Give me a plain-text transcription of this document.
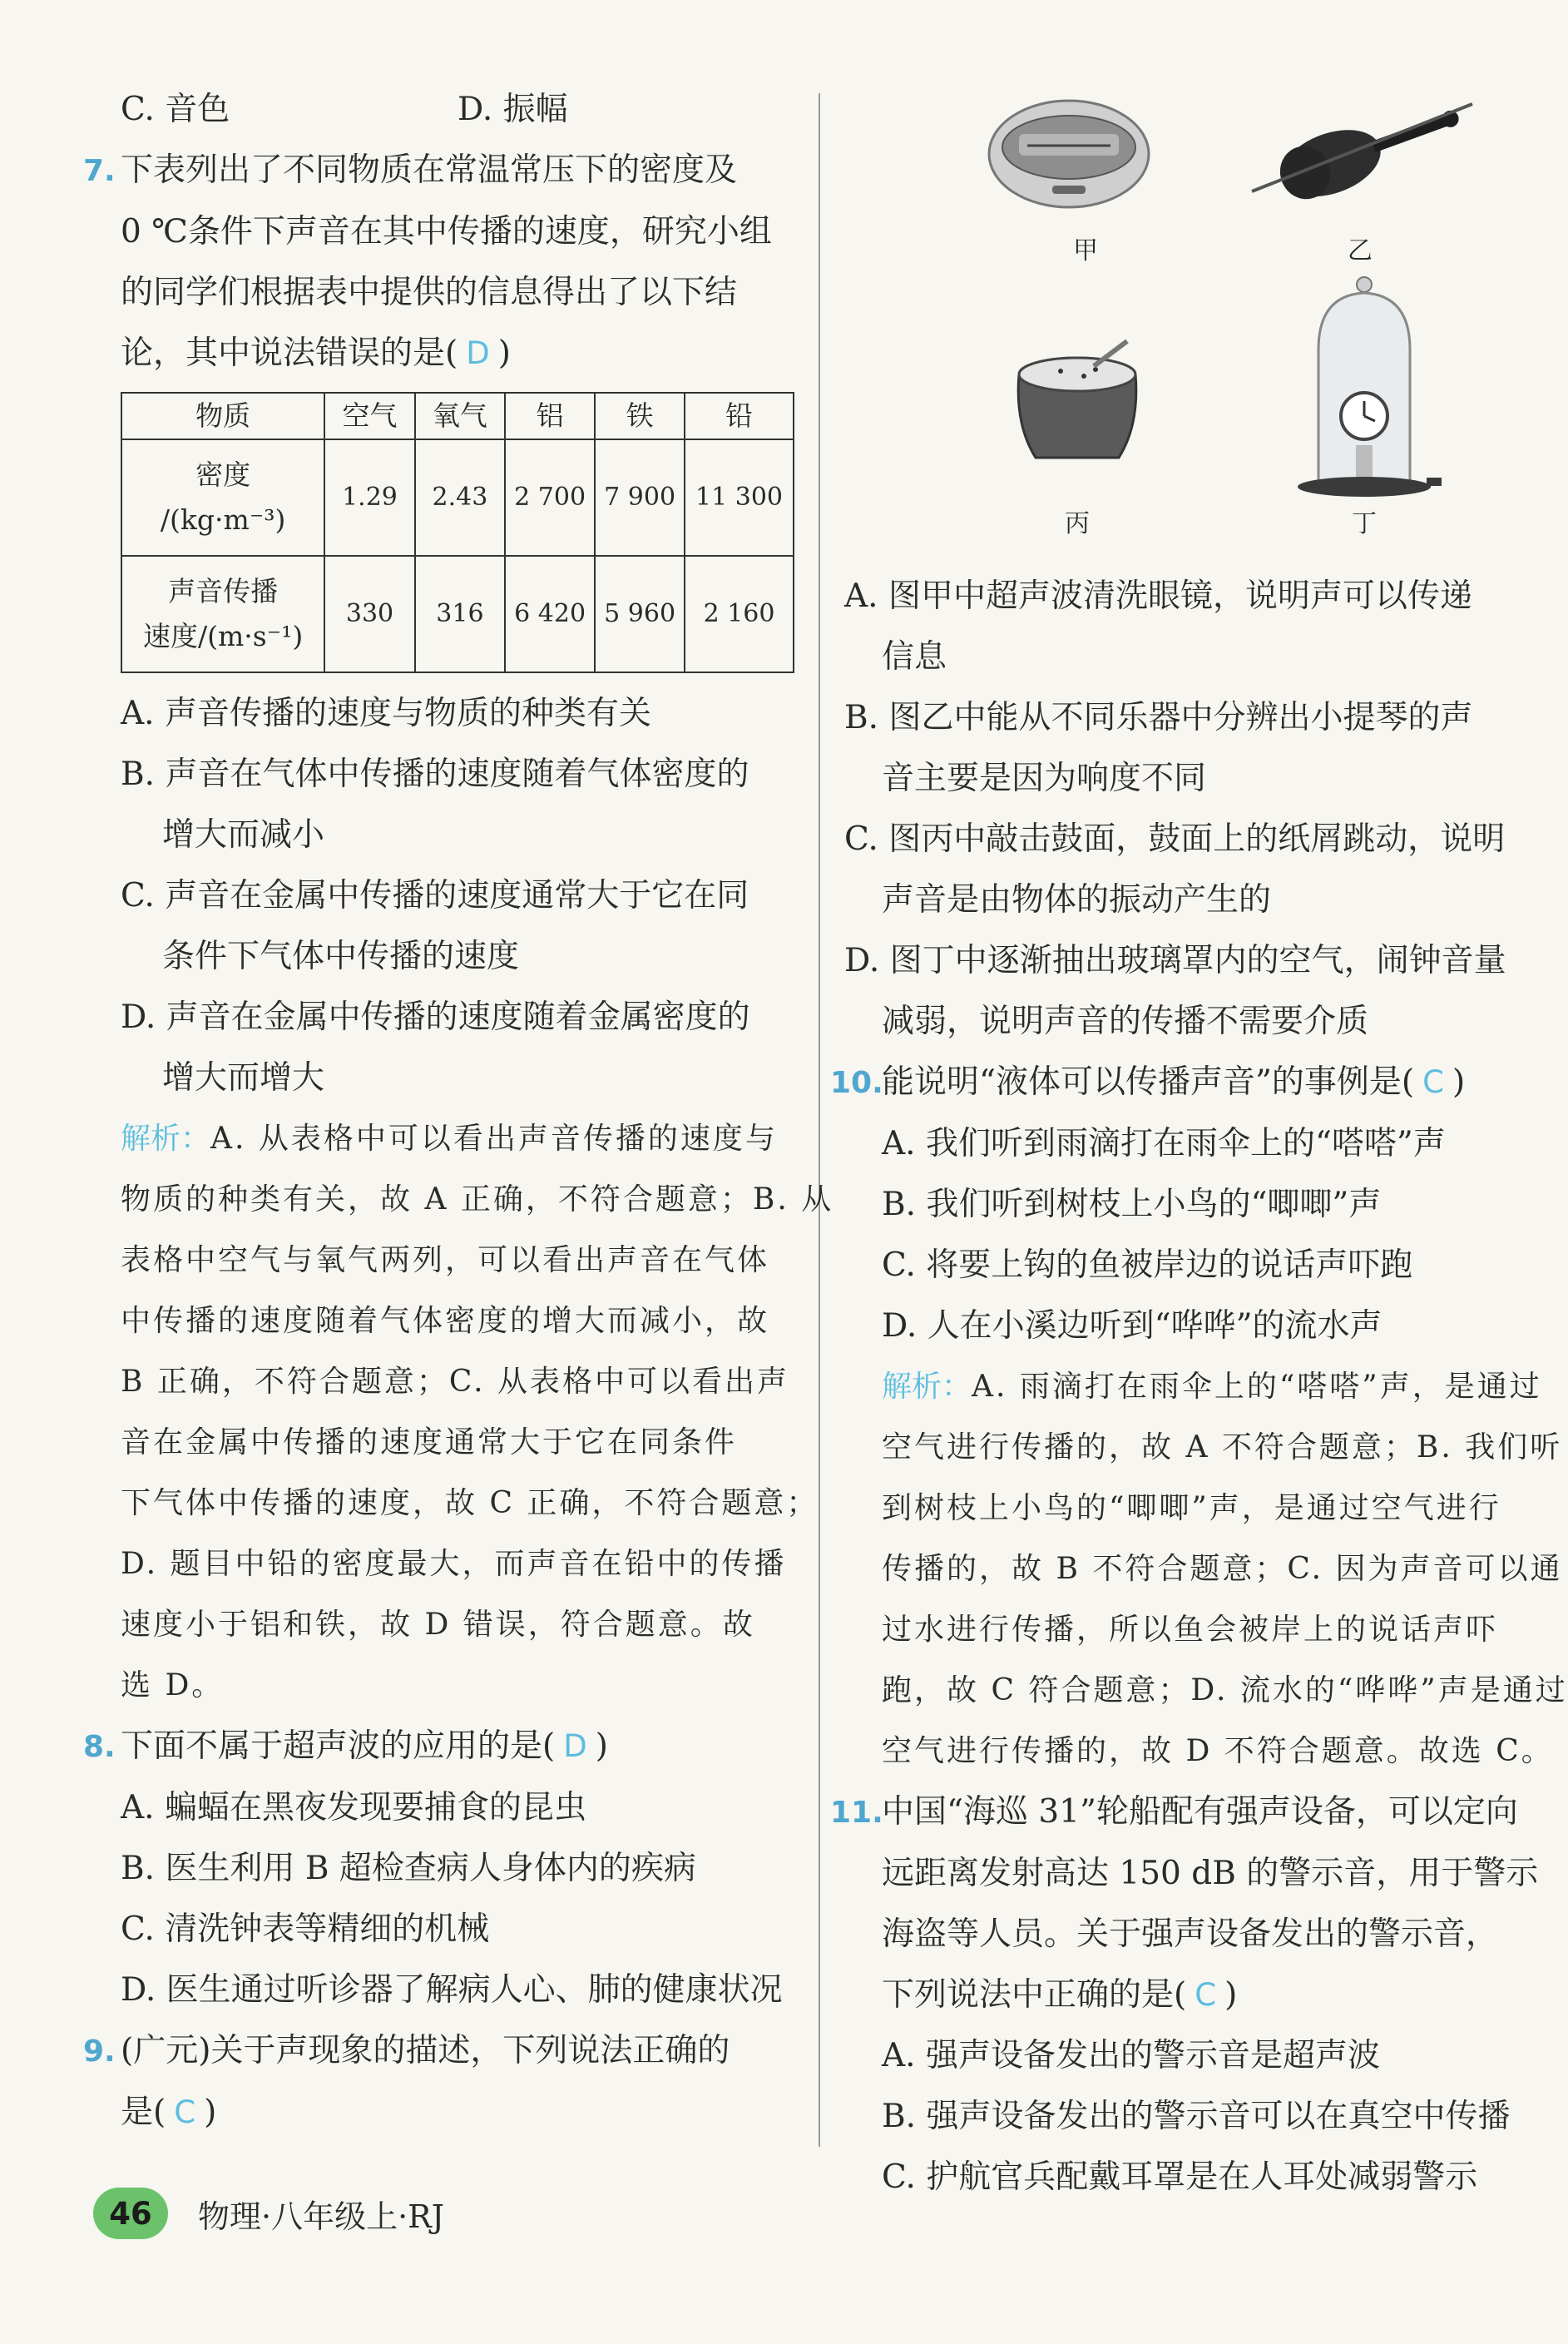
C. 音色	D. 振幅
7. 下表列出了不同物质在常温常压下的密度及
0 ℃条件下声音在其中传播的速度，研究小组
的同学们根据表中提供的信息得出了以下结
论，其中说法错误的是( D )
物质	空气	氧气	铝	铁	铅

密度
/(kg·m⁻³)	1.29	2.43	2 700	7 900	11 300

声音传播
速度/(m·s⁻¹)	330	316	6 420	5 960	2 160
A. 声音传播的速度与物质的种类有关
B. 声音在气体中传播的速度随着气体密度的
增大而减小
C. 声音在金属中传播的速度通常大于它在同
条件下气体中传播的速度
D. 声音在金属中传播的速度随着金属密度的
增大而增大
解析：A. 从表格中可以看出声音传播的速度与
物质的种类有关，故 A 正确，不符合题意；B. 从
表格中空气与氧气两列，可以看出声音在气体
中传播的速度随着气体密度的增大而减小，故
B 正确，不符合题意；C. 从表格中可以看出声
音在金属中传播的速度通常大于它在同条件
下气体中传播的速度，故 C 正确，不符合题意；
D. 题目中铅的密度最大，而声音在铅中的传播
速度小于铝和铁，故 D 错误，符合题意。故
选 D。
8. 下面不属于超声波的应用的是( D )
A. 蝙蝠在黑夜发现要捕食的昆虫
B. 医生利用 B 超检查病人身体内的疾病
C. 清洗钟表等精细的机械
D. 医生通过听诊器了解病人心、肺的健康状况
9. (广元)关于声现象的描述，下列说法正确的
是( C )
甲	乙
丙	丁
A. 图甲中超声波清洗眼镜，说明声可以传递
信息
B. 图乙中能从不同乐器中分辨出小提琴的声
音主要是因为响度不同
C. 图丙中敲击鼓面，鼓面上的纸屑跳动，说明
声音是由物体的振动产生的
D. 图丁中逐渐抽出玻璃罩内的空气，闹钟音量
减弱，说明声音的传播不需要介质
10.能说明“液体可以传播声音”的事例是( C )
A. 我们听到雨滴打在雨伞上的“嗒嗒”声
B. 我们听到树枝上小鸟的“唧唧”声
C. 将要上钩的鱼被岸边的说话声吓跑
D. 人在小溪边听到“哗哗”的流水声
解析：A. 雨滴打在雨伞上的“嗒嗒”声，是通过
空气进行传播的，故 A 不符合题意；B. 我们听
到树枝上小鸟的“唧唧”声，是通过空气进行
传播的，故 B 不符合题意；C. 因为声音可以通
过水进行传播，所以鱼会被岸上的说话声吓
跑，故 C 符合题意；D. 流水的“哗哗”声是通过
空气进行传播的，故 D 不符合题意。故选 C。
11.中国“海巡 31”轮船配有强声设备，可以定向
远距离发射高达 150 dB 的警示音，用于警示
海盗等人员。关于强声设备发出的警示音，
下列说法中正确的是( C )
A. 强声设备发出的警示音是超声波
B. 强声设备发出的警示音可以在真空中传播
C. 护航官兵配戴耳罩是在人耳处减弱警示
46	物理·八年级上·RJ
